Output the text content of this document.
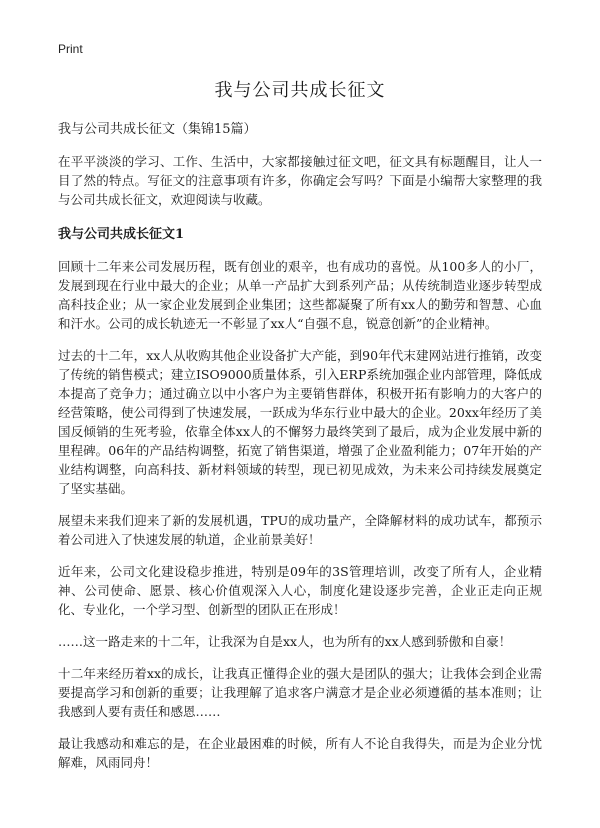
Print
我与公司共成长征文

我与公司共成长征文（集锦15篇）

在平平淡淡的学习、工作、生活中，大家都接触过征文吧，征文具有标题醒目，让人一目了然的特点。写征文的注意事项有许多，你确定会写吗？下面是小编帮大家整理的我与公司共成长征文，欢迎阅读与收藏。

我与公司共成长征文1

回顾十二年来公司发展历程，既有创业的艰辛，也有成功的喜悦。从100多人的小厂，发展到现在行业中最大的企业；从单一产品扩大到系列产品；从传统制造业逐步转型成高科技企业；从一家企业发展到企业集团；这些都凝聚了所有xx人的勤劳和智慧、心血和汗水。公司的成长轨迹无一不彰显了xx人“自强不息，锐意创新”的企业精神。

过去的十二年，xx人从收购其他企业设备扩大产能，到90年代末建网站进行推销，改变了传统的销售模式；建立ISO9000质量体系，引入ERP系统加强企业内部管理，降低成本提高了竞争力；通过确立以中小客户为主要销售群体，积极开拓有影响力的大客户的经营策略，使公司得到了快速发展，一跃成为华东行业中最大的企业。20xx年经历了美国反倾销的生死考验，依靠全体xx人的不懈努力最终笑到了最后，成为企业发展中新的里程碑。06年的产品结构调整，拓宽了销售渠道，增强了企业盈利能力；07年开始的产业结构调整，向高科技、新材料领域的转型，现已初见成效，为未来公司持续发展奠定了坚实基础。

展望未来我们迎来了新的发展机遇，TPU的成功量产，全降解材料的成功试车，都预示着公司进入了快速发展的轨道，企业前景美好！

近年来，公司文化建设稳步推进，特别是09年的3S管理培训，改变了所有人，企业精神、公司使命、愿景、核心价值观深入人心，制度化建设逐步完善，企业正走向正规化、专业化，一个学习型、创新型的团队正在形成！

……这一路走来的十二年，让我深为自是xx人，也为所有的xx人感到骄傲和自豪！

十二年来经历着xx的成长，让我真正懂得企业的强大是团队的强大；让我体会到企业需要提高学习和创新的重要；让我理解了追求客户满意才是企业必须遵循的基本准则；让我感到人要有责任和感恩……

最让我感动和难忘的是，在企业最困难的时候，所有人不论自我得失，而是为企业分忧解难，风雨同舟！
